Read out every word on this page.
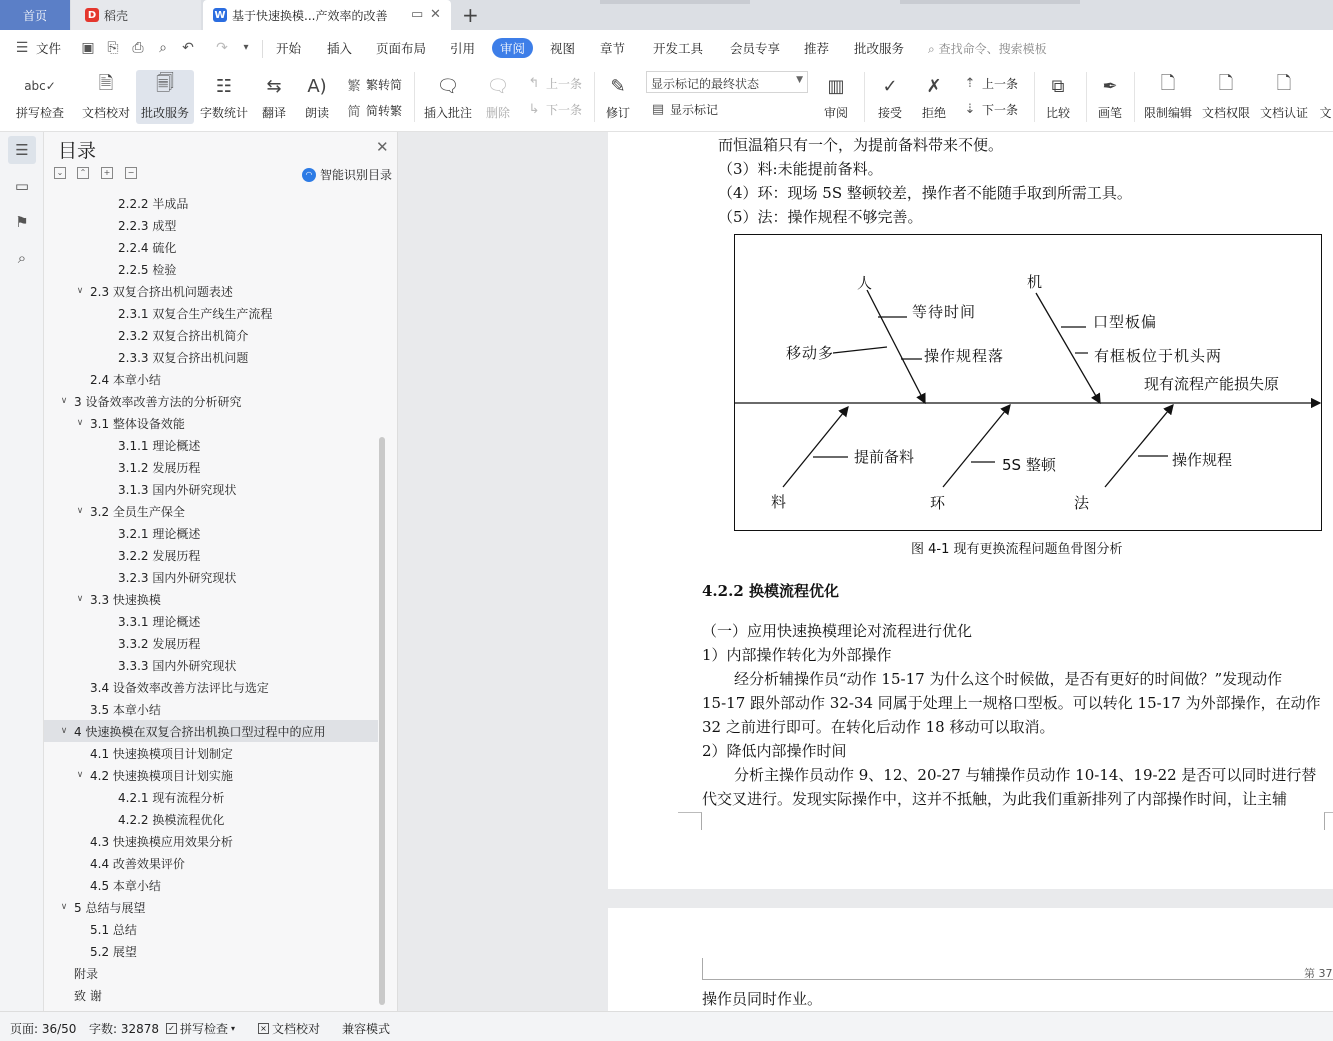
首页	D 稻壳	W 基于快速换模...产效率的改善 ▭ ✕ +
☰ 文件 ▣ ⎘ ⎙ ⌕ ↶ ↷	▾	开始 插入 页面布局 引用	审阅	视图 章节 开发工具 会员专享 推荐 批改服务 ⌕ 查找命令、搜索模板
abc✓
拼写检查
🗎
文档校对
🗐
批改服务
☷
字数统计
⇆
翻译
A)
朗读
繁 繁转简
简 简转繁
🗨
插入批注
🗨
删除
↰ 上一条
↳ 下一条
✎
修订
显示标记的最终状态	▼
▤ 显示标记
▥
审阅
✓
接受
✗
拒绝
⇡ 上一条
⇣ 下一条
⧉
比较
✒
画笔
🗋
限制编辑
🗋
文档权限
🗋
文档认证 文
☰
▭
⚑
⌕
目录	✕
⌄	⌃	+	−	◠ 智能识别目录
2.2.2 半成品
2.2.3 成型
2.2.4 硫化
2.2.5 检验
∨ 2.3 双复合挤出机问题表述
2.3.1 双复合生产线生产流程
2.3.2 双复合挤出机简介
2.3.3 双复合挤出机问题
2.4 本章小结
∨ 3 设备效率改善方法的分析研究
∨ 3.1 整体设备效能
3.1.1 理论概述
3.1.2 发展历程
3.1.3 国内外研究现状
∨ 3.2 全员生产保全
3.2.1 理论概述
3.2.2 发展历程
3.2.3 国内外研究现状
∨ 3.3 快速换模
3.3.1 理论概述
3.3.2 发展历程
3.3.3 国内外研究现状
3.4 设备效率改善方法评比与选定
3.5 本章小结
∨ 4 快速换模在双复合挤出机换口型过程中的应用
4.1 快速换模项目计划制定
∨ 4.2 快速换模项目计划实施
4.2.1 现有流程分析
4.2.2 换模流程优化
4.3 快速换模应用效果分析
4.4 改善效果评价
4.5 本章小结
∨ 5 总结与展望
5.1 总结
5.2 展望
附录
致 谢
而恒温箱只有一个，为提前备料带来不便。
（3）料:未能提前备料。
（4）环：现场 5S 整顿较差，操作者不能随手取到所需工具。
（5）法：操作规程不够完善。
人	机
等待时间
移动多	操作规程落
口型板偏
有框板位于机头两
现有流程产能损失原
提前备料	5S 整顿	操作规程
料	环	法
图 4-1 现有更换流程问题鱼骨图分析
4.2.2 换模流程优化
（一）应用快速换模理论对流程进行优化
1）内部操作转化为外部操作
经分析辅操作员“动作 15-17 为什么这个时候做，是否有更好的时间做？”发现动作
15-17 跟外部动作 32-34 同属于处理上一规格口型板。可以转化 15-17 为外部操作，在动作
32 之前进行即可。在转化后动作 18 移动可以取消。
2）降低内部操作时间
分析主操作员动作 9、12、20-27 与辅操作员动作 10-14、19-22 是否可以同时进行替
代交叉进行。发现实际操作中，这并不抵触，为此我们重新排列了内部操作时间，让主辅
第 37
操作员同时作业。
页面: 36/50 字数: 32878 ✓ 拼写检查 ▾	× 文档校对 兼容模式
